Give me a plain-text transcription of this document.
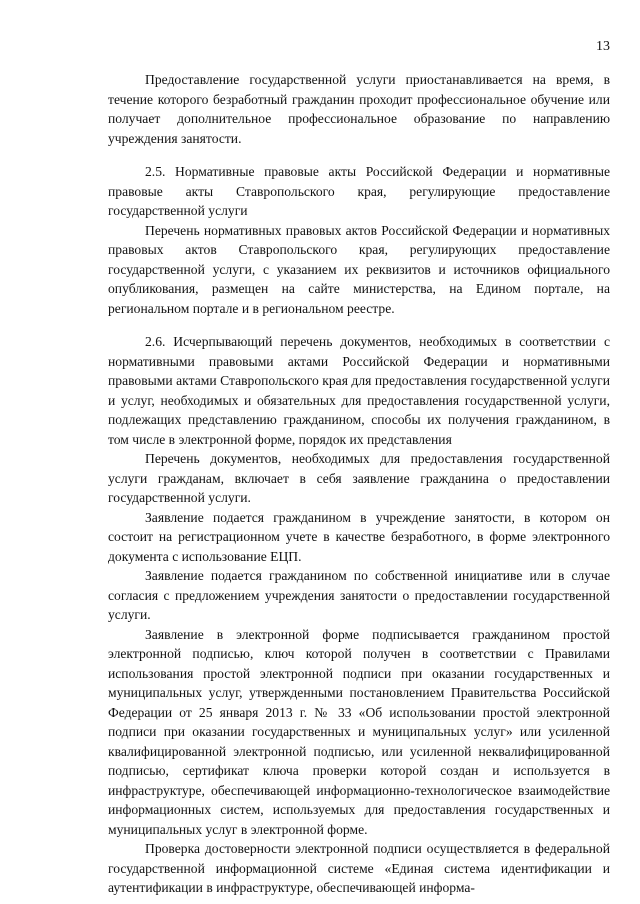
13

Предоставление государственной услуги приостанавливается на время, в течение которого безработный гражданин проходит профессиональное обучение или получает дополнительное профессиональное образование по направлению учреждения занятости.

2.5. Нормативные правовые акты Российской Федерации и нормативные правовые акты Ставропольского края, регулирующие предоставление государственной услуги

Перечень нормативных правовых актов Российской Федерации и нормативных правовых актов Ставропольского края, регулирующих предоставление государственной услуги, с указанием их реквизитов и источников официального опубликования, размещен на сайте министерства, на Едином портале, на региональном портале и в региональном реестре.

2.6. Исчерпывающий перечень документов, необходимых в соответствии с нормативными правовыми актами Российской Федерации и нормативными правовыми актами Ставропольского края для предоставления государственной услуги и услуг, необходимых и обязательных для предоставления государственной услуги, подлежащих представлению гражданином, способы их получения гражданином, в том числе в электронной форме, порядок их представления

Перечень документов, необходимых для предоставления государственной услуги гражданам, включает в себя заявление гражданина о предоставлении государственной услуги.

Заявление подается гражданином в учреждение занятости, в котором он состоит на регистрационном учете в качестве безработного, в форме электронного документа с использование ЕЦП.

Заявление подается гражданином по собственной инициативе или в случае согласия с предложением учреждения занятости о предоставлении государственной услуги.

Заявление в электронной форме подписывается гражданином простой электронной подписью, ключ которой получен в соответствии с Правилами использования простой электронной подписи при оказании государственных и муниципальных услуг, утвержденными постановлением Правительства Российской Федерации от 25 января 2013 г. № 33 «Об использовании простой электронной подписи при оказании государственных и муниципальных услуг» или усиленной квалифицированной электронной подписью, или усиленной неквалифицированной подписью, сертификат ключа проверки которой создан и используется в инфраструктуре, обеспечивающей информационно-технологическое взаимодействие информационных систем, используемых для предоставления государственных и муниципальных услуг в электронной форме.

Проверка достоверности электронной подписи осуществляется в федеральной государственной информационной системе «Единая система идентификации и аутентификации в инфраструктуре, обеспечивающей информа-
